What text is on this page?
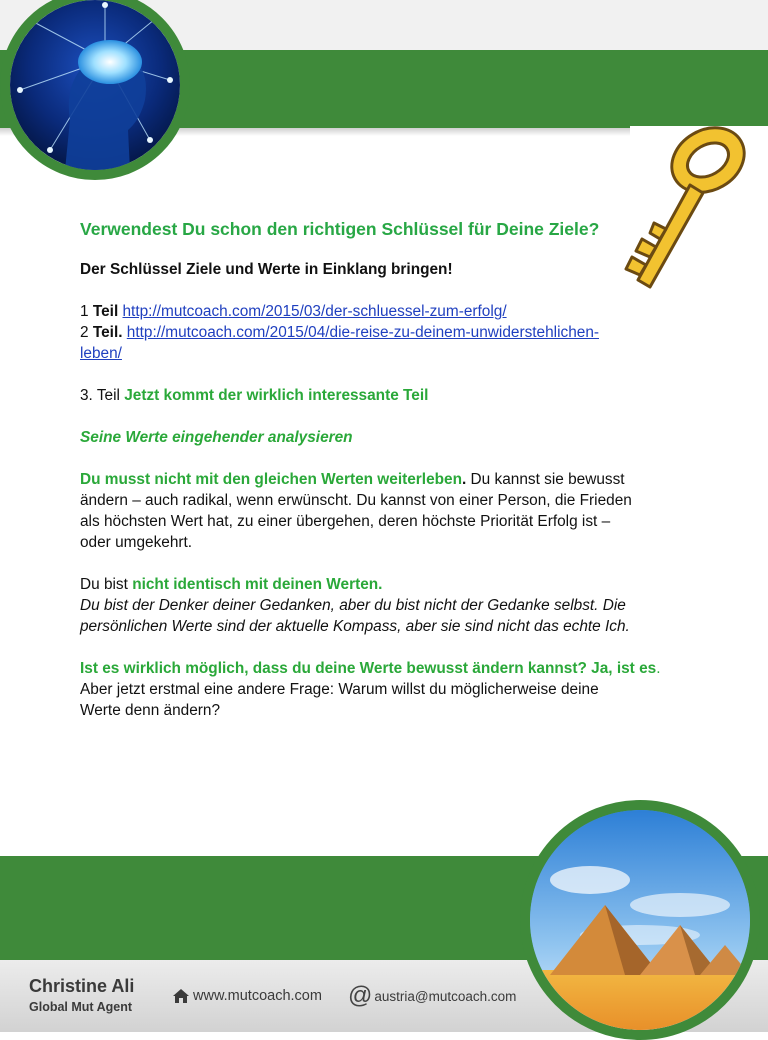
Verwendest Du schon den richtigen Schlüssel für Deine Ziele?

Der Schlüssel Ziele und Werte in Einklang bringen!

1 Teil http://mutcoach.com/2015/03/der-schluessel-zum-erfolg/

2 Teil. http://mutcoach.com/2015/04/die-reise-zu-deinem-unwiderstehlichen-

leben/

3. Teil Jetzt kommt der wirklich interessante Teil

Seine Werte eingehender analysieren

Du musst nicht mit den gleichen Werten weiterleben. Du kannst sie bewusst

ändern – auch radikal, wenn erwünscht. Du kannst von einer Person, die Frieden

als höchsten Wert hat, zu einer übergehen, deren höchste Priorität Erfolg ist –

oder umgekehrt.

Du bist nicht identisch mit deinen Werten.

Du bist der Denker deiner Gedanken, aber du bist nicht der Gedanke selbst. Die

persönlichen Werte sind der aktuelle Kompass, aber sie sind nicht das echte Ich.

Ist es wirklich möglich, dass du deine Werte bewusst ändern kannst? Ja, ist es.

Aber jetzt erstmal eine andere Frage: Warum willst du möglicherweise deine

Werte denn ändern?

Christine Ali
Global Mut Agent
www.mutcoach.com @ austria@mutcoach.com
